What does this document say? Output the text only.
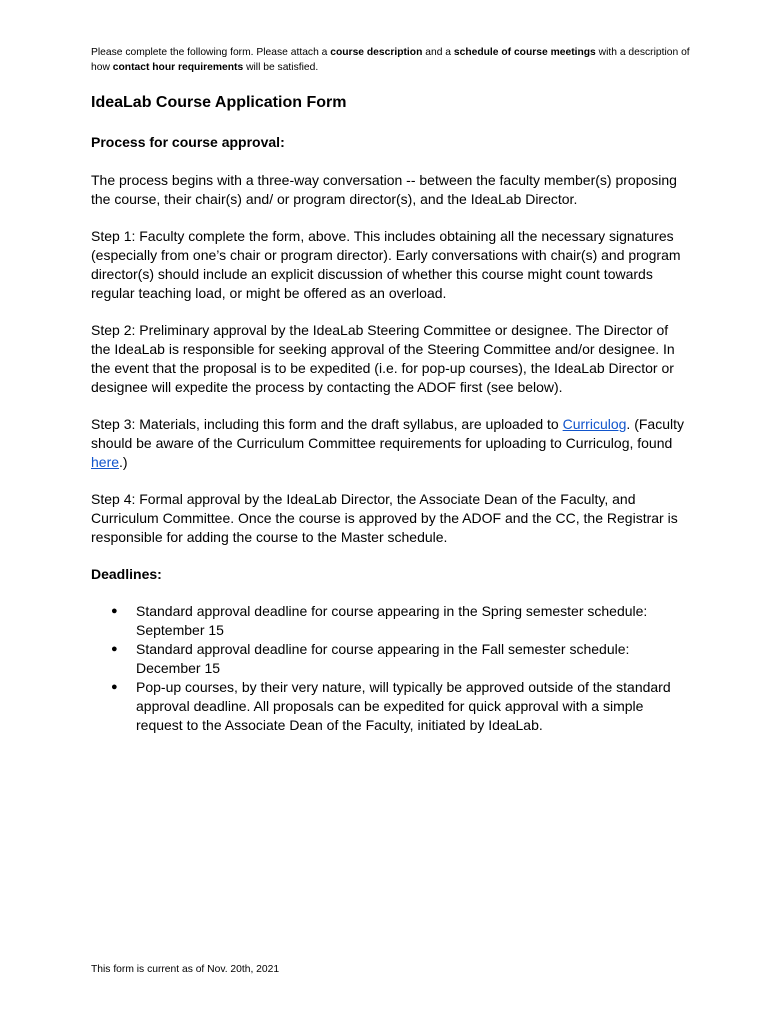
Please complete the following form. Please attach a course description and a schedule of course meetings with a description of how contact hour requirements will be satisfied.

IdeaLab Course Application Form
Process for course approval:

The process begins with a three-way conversation -- between the faculty member(s) proposing the course, their chair(s) and/ or program director(s), and the IdeaLab Director.

Step 1: Faculty complete the form, above. This includes obtaining all the necessary signatures (especially from one’s chair or program director). Early conversations with chair(s) and program director(s) should include an explicit discussion of whether this course might count towards regular teaching load, or might be offered as an overload.

Step 2: Preliminary approval by the IdeaLab Steering Committee or designee. The Director of the IdeaLab is responsible for seeking approval of the Steering Committee and/or designee. In the event that the proposal is to be expedited (i.e. for pop-up courses), the IdeaLab Director or designee will expedite the process by contacting the ADOF first (see below).

Step 3: Materials, including this form and the draft syllabus, are uploaded to Curriculog. (Faculty should be aware of the Curriculum Committee requirements for uploading to Curriculog, found here.)

Step 4: Formal approval by the IdeaLab Director, the Associate Dean of the Faculty, and Curriculum Committee. Once the course is approved by the ADOF and the CC, the Registrar is responsible for adding the course to the Master schedule.

Deadlines:
● Standard approval deadline for course appearing in the Spring semester schedule: September 15
● Standard approval deadline for course appearing in the Fall semester schedule: December 15
● Pop-up courses, by their very nature, will typically be approved outside of the standard approval deadline. All proposals can be expedited for quick approval with a simple request to the Associate Dean of the Faculty, initiated by IdeaLab.
This form is current as of Nov. 20th, 2021
